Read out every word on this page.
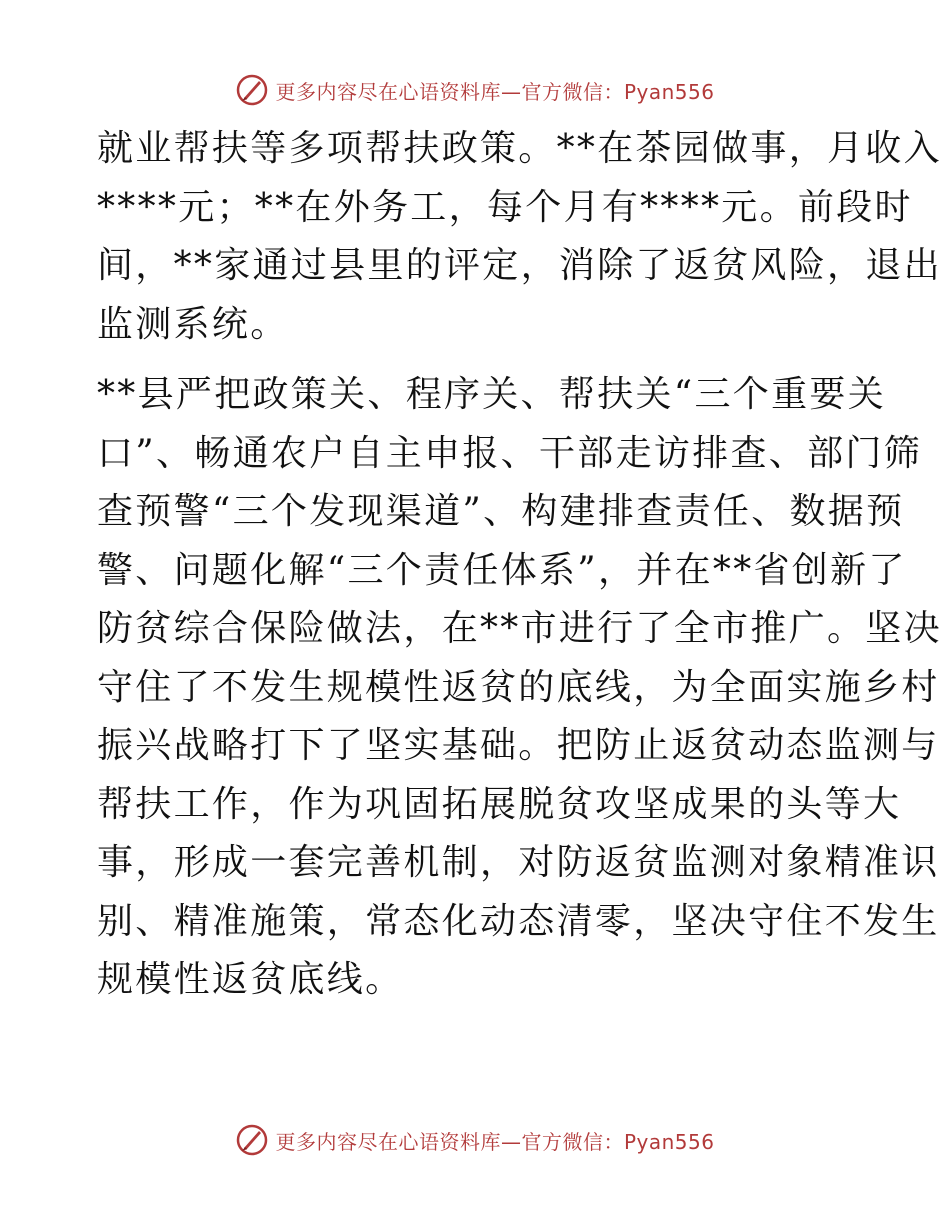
更多内容尽在心语资料库—官方微信：Pyan556

就业帮扶等多项帮扶政策。**在茶园做事，月收入
****元；**在外务工，每个月有****元。前段时
间，**家通过县里的评定，消除了返贫风险，退出
监测系统。

**县严把政策关、程序关、帮扶关“三个重要关
口”、畅通农户自主申报、干部走访排查、部门筛
查预警“三个发现渠道”、构建排查责任、数据预
警、问题化解“三个责任体系”，并在**省创新了
防贫综合保险做法，在**市进行了全市推广。坚决
守住了不发生规模性返贫的底线，为全面实施乡村
振兴战略打下了坚实基础。把防止返贫动态监测与
帮扶工作，作为巩固拓展脱贫攻坚成果的头等大
事，形成一套完善机制，对防返贫监测对象精准识
别、精准施策，常态化动态清零，坚决守住不发生
规模性返贫底线。

更多内容尽在心语资料库—官方微信：Pyan556
